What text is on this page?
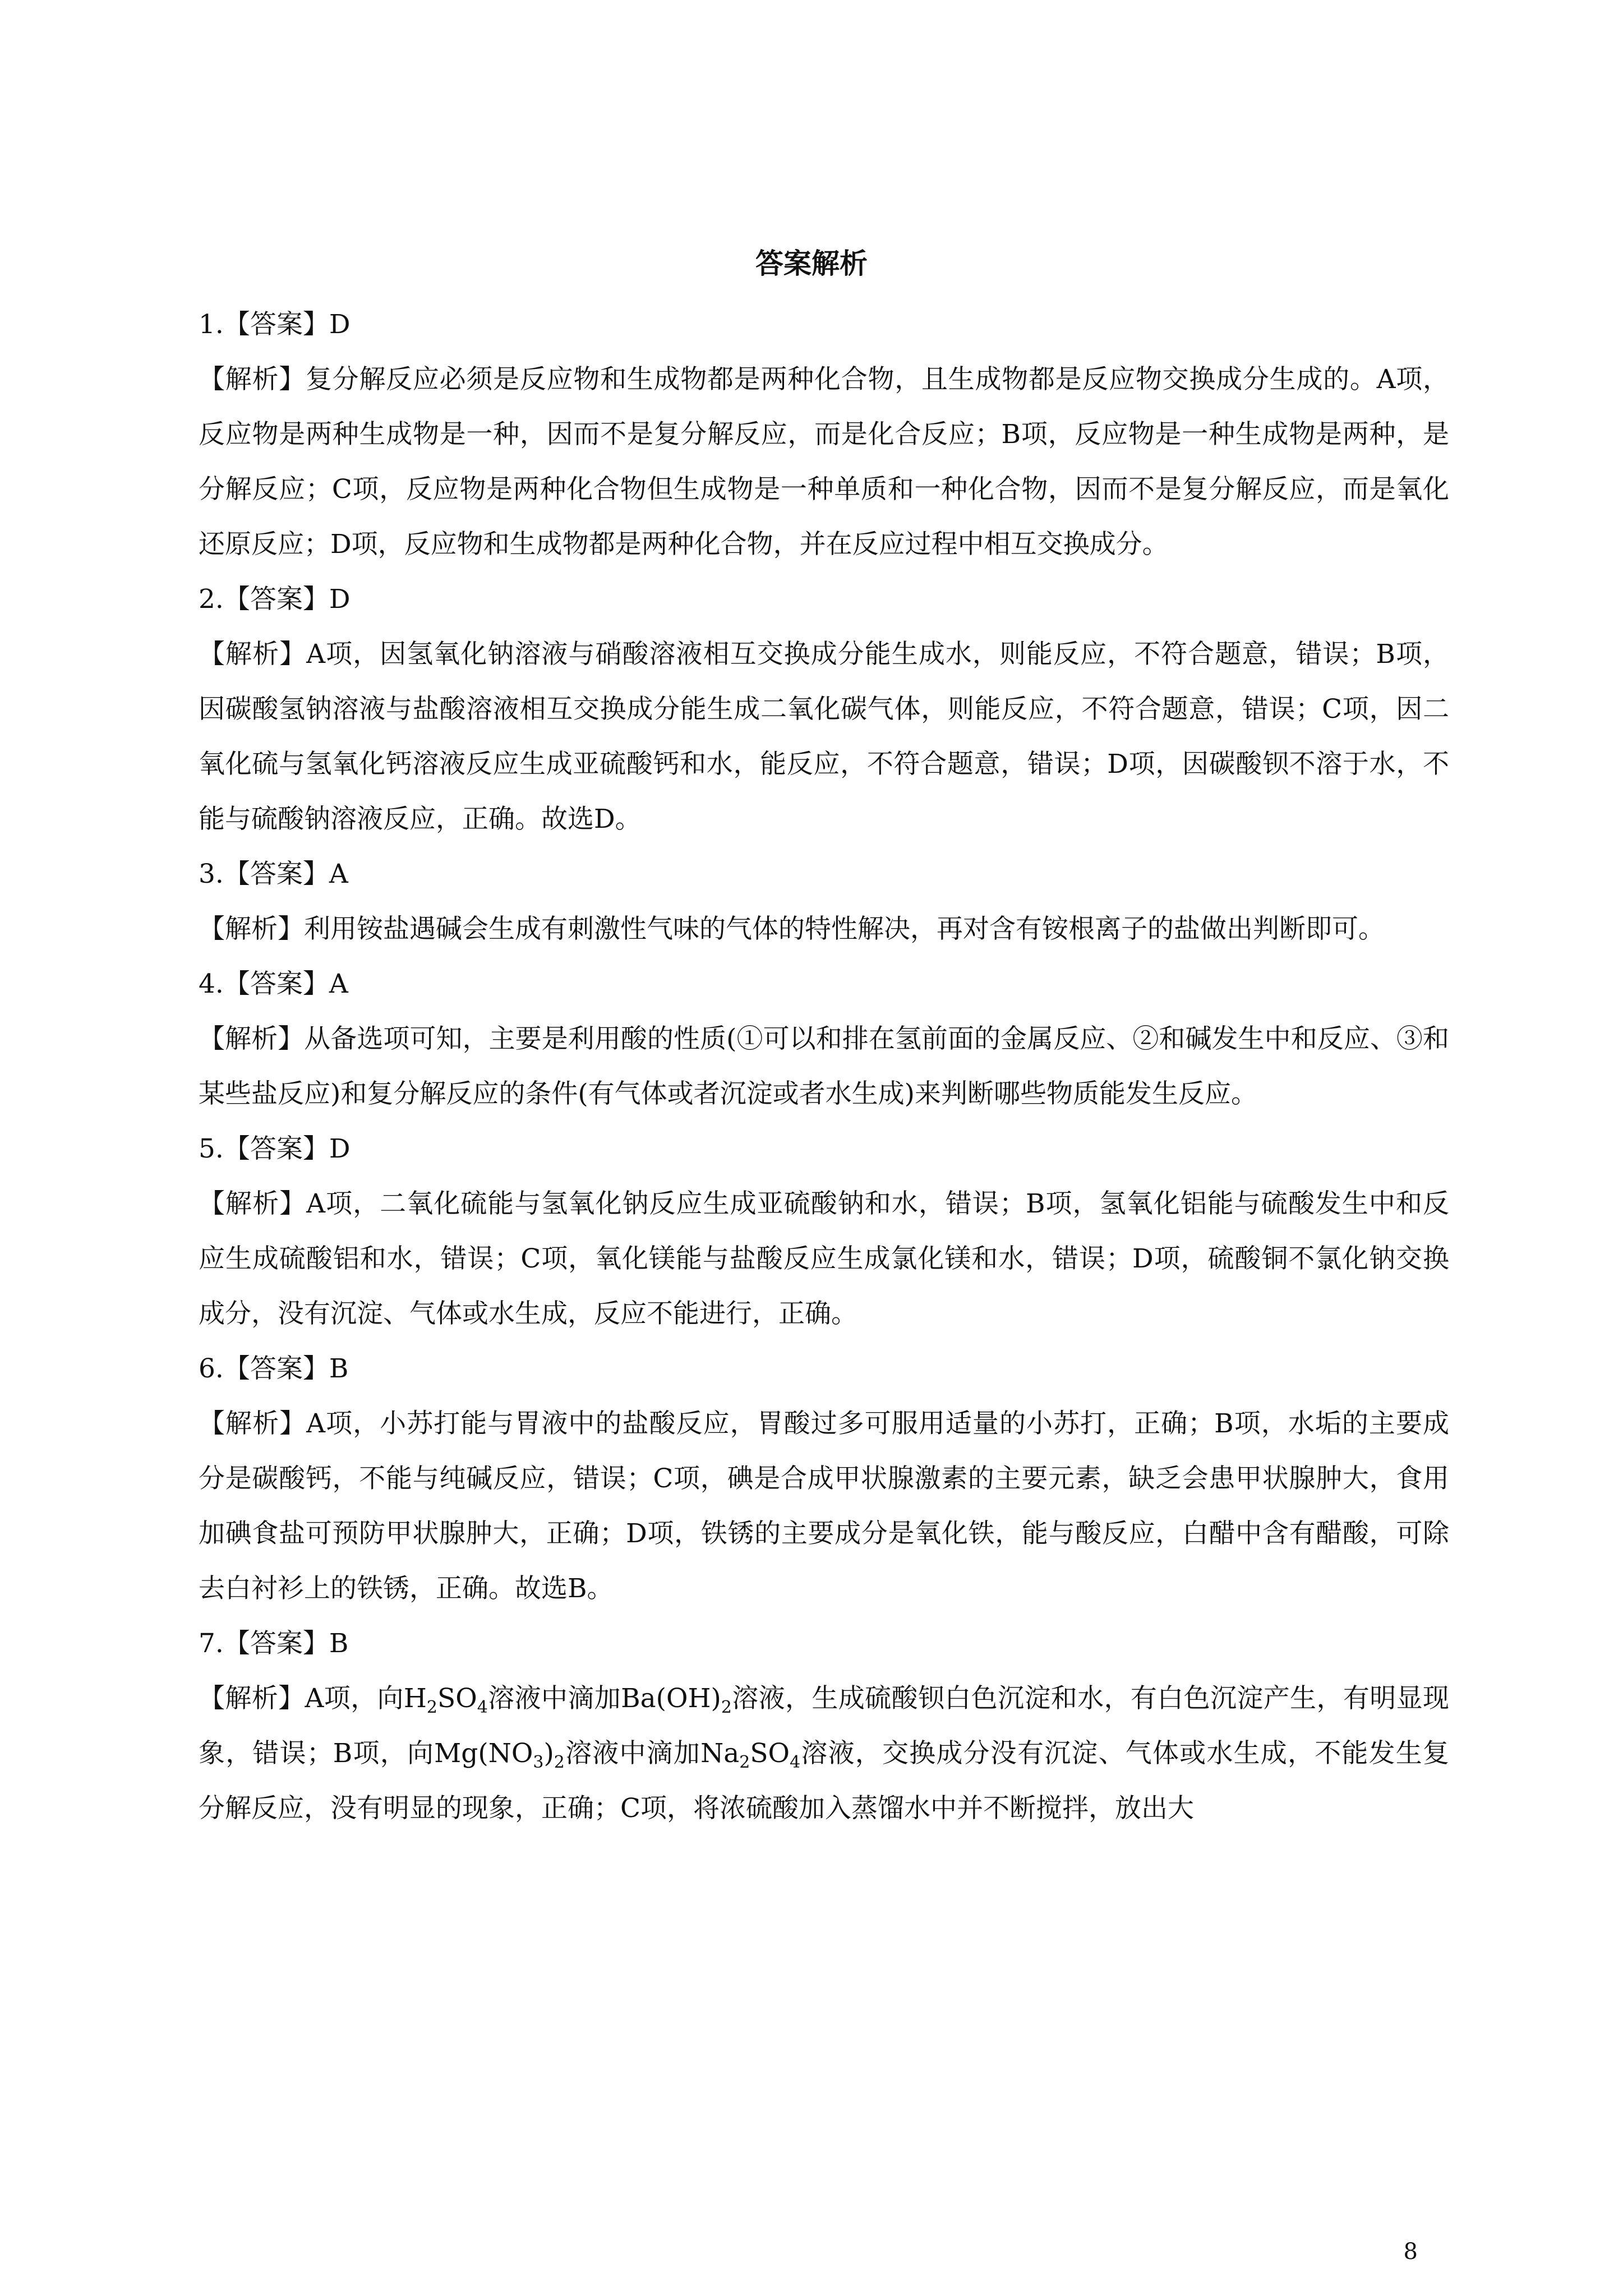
答案解析
1.【答案】D
【解析】复分解反应必须是反应物和生成物都是两种化合物，且生成物都是反应物交换成分生成的。A项，反应物是两种生成物是一种，因而不是复分解反应，而是化合反应；B项，反应物是一种生成物是两种，是分解反应；C项，反应物是两种化合物但生成物是一种单质和一种化合物，因而不是复分解反应，而是氧化还原反应；D项，反应物和生成物都是两种化合物，并在反应过程中相互交换成分。
2.【答案】D
【解析】A项，因氢氧化钠溶液与硝酸溶液相互交换成分能生成水，则能反应，不符合题意，错误；B项，因碳酸氢钠溶液与盐酸溶液相互交换成分能生成二氧化碳气体，则能反应，不符合题意，错误；C项，因二氧化硫与氢氧化钙溶液反应生成亚硫酸钙和水，能反应，不符合题意，错误；D项，因碳酸钡不溶于水，不能与硫酸钠溶液反应，正确。故选D。
3.【答案】A
【解析】利用铵盐遇碱会生成有刺激性气味的气体的特性解决，再对含有铵根离子的盐做出判断即可。
4.【答案】A
【解析】从备选项可知，主要是利用酸的性质(①可以和排在氢前面的金属反应、②和碱发生中和反应、③和某些盐反应)和复分解反应的条件(有气体或者沉淀或者水生成)来判断哪些物质能发生反应。
5.【答案】D
【解析】A项，二氧化硫能与氢氧化钠反应生成亚硫酸钠和水，错误；B项，氢氧化铝能与硫酸发生中和反应生成硫酸铝和水，错误；C项，氧化镁能与盐酸反应生成氯化镁和水，错误；D项，硫酸铜不氯化钠交换成分，没有沉淀、气体或水生成，反应不能进行，正确。
6.【答案】B
【解析】A项，小苏打能与胃液中的盐酸反应，胃酸过多可服用适量的小苏打，正确；B项，水垢的主要成分是碳酸钙，不能与纯碱反应，错误；C项，碘是合成甲状腺激素的主要元素，缺乏会患甲状腺肿大，食用加碘食盐可预防甲状腺肿大，正确；D项，铁锈的主要成分是氧化铁，能与酸反应，白醋中含有醋酸，可除去白衬衫上的铁锈，正确。故选B。
7.【答案】B
【解析】A项，向$H_2SO_4$溶液中滴加$Ba(OH)_2$溶液，生成硫酸钡白色沉淀和水，有白色沉淀产生，有明显现象，错误；B项，向$Mg(NO_3)_2$溶液中滴加$Na_2SO_4$溶液，交换成分没有沉淀、气体或水生成，不能发生复分解反应，没有明显的现象，正确；C项，将浓硫酸加入蒸馏水中并不断搅拌，放出大
8
